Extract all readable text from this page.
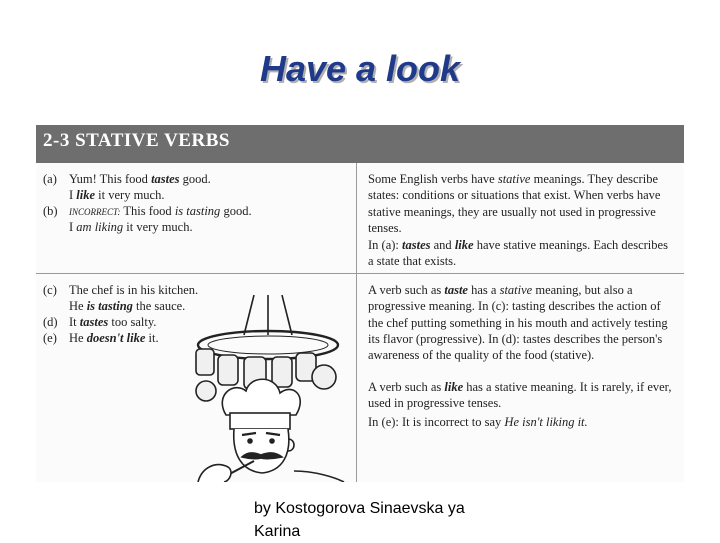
Have a look
2-3 STATIVE VERBS
(a) Yum! This food tastes good.
I like it very much.
(b) INCORRECT: This food is tasting good.
I am liking it very much.

Some English verbs have stative meanings. They describe states: conditions or situations that exist. When verbs have stative meanings, they are usually not used in progressive tenses.

In (a): tastes and like have stative meanings. Each describes a state that exists.

(c) The chef is in his kitchen.
He is tasting the sauce.
(d) It tastes too salty.
(e) He doesn't like it.

A verb such as taste has a stative meaning, but also a progressive meaning. In (c): tasting describes the action of the chef putting something in his mouth and actively testing its flavor (progressive). In (d): tastes describes the person's awareness of the quality of the food (stative).

A verb such as like has a stative meaning. It is rarely, if ever, used in progressive tenses.

In (e): It is incorrect to say He isn't liking it.

by Kostogorova Sinaevska ya Karina
